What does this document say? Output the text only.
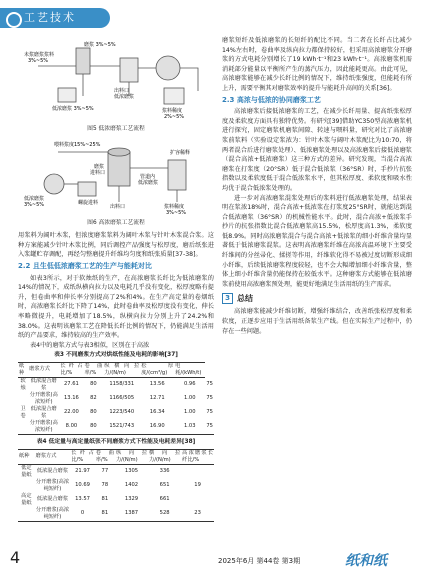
工艺技术
未浆磨浆浆料
3%~5%
磨浆 3%~5%
出料口
低浓磨浆
浆料稀度
2%~5%
低浓磨浆 3%~5%
图5 低浓磨浆工艺流程
喂料浆度15%~25%
扩容稀释
低浓磨浆
3%~5%
磨浆
进料口
出料口
管道内
低浓磨浆
浆料稀度
3%~5%
螺旋进料
图6 高浓磨浆工艺流程

用浆料为阔叶木浆，但浓度磨浆浆料为阔叶木浆与针叶木浆混合浆。这种方案能减少针叶木浆比例，同后调控产品强度与松厚度，磨后纸张进入浆罐贮存调配，再经匀整磨提升纤维均匀度和纸张质量[37-38]。

2.2 且生低低浓磨浆工艺的生产与能耗对比

如表3所示，对于软烛纸的生产，在高浓磨浆长纤比为低浓磨浆的14%的情况下，成纸纵横向拉力以及电耗几乎没有变化，松厚度略有提升，但卷曲率和伸长率分别提高了2%和4%。在生产高定量的卷烟纸时，高浓磨浆长纤比下降了14%，此时卷曲率及松厚度没有变化，伸长率略微提升，电耗增加了18.5%，纵横向拉力分别上升了24.2%和38.0%。这表明该磨浆工艺在降低长纤比例的情况下，仍能满足生活用纸的产品要求，维持较高的生产效率。

表4中的磨浆方式与表3相似，区别在于高浓

表3 不同磨浆方式对烘纸性能及电耗的影响[37]
纸种	磨浆方式	长纤占比/%	卷曲率/%	纵横向拉力/(N/m)	松厚度/(cm³/g)	电耗/(kWh/t)	
软烛	低浓混合磨浆	27.61	80	1158/331	13.56	0.96	75
	分开磨浆(高浓短纤)	13.16	82	1166/505	12.71	1.00	75
卫卷	低浓混合磨浆	22.00	80	1223/540	16.34	1.00	75
	分开磨浆(高浓短纤)	8.00	80	1521/743	16.90	1.03	75
表4 低定量与高定量纸张不同磨浆方式下性能及电耗差异[38]
纸种	磨浆方式	长纤占比/%	卷曲率/%	纵向拉力/(N/m)	横向拉力/(N/m)	高浓磨浆长纤比/%
低定量纸	低浓混合磨浆	21.97	77	1305	336	
	分开磨浆(高浓纯短纤)	10.69	78	1402	651	19
高定量纸	低浓混合磨浆	13.57	81	1329	661	
	分开磨浆(高浓纯短纤)	0	81	1387	528	23

磨浆短纤及低浓磨浆的长短纤的配比不同。当二者在长纤占比减少14%左右时，卷曲率及纵向拉力都保持较好，但采用高浓磨浆分开磨浆的方式电耗分别增长了19 kWh·t⁻¹和23 kWh·t⁻¹。高浓磨浆机需消耗部分能量以平衡所产生的蒸汽压力，因此能耗更高。由此可见，高浓磨浆能够在减少长纤比例的情况下，维持纸张强度，但能耗有所上升，需要平衡其对磨浆效率的提升与能耗升高间的关系[36]。

2.3 高浓与低浓的协同磨浆工艺

高浓磨浆后接低浓磨浆的工艺，在减少长纤用量、提高纸张松厚度及柔软度方面具有独特优势。有研究[39]借助YC350型高浓磨浆机进行探究，固定磨浆机磨浆间隙、转速与喂料量，研究对比了高浓磨浆前浆料（实验设定浆浓为：针叶木浆与阔叶木浆配比为10:70，将两者混合后进行磨浆处理）、低浓磨浆处理以及高浓磨浆后接低浓磨浆（混合高浓+低浓磨浆）这三种方式的差异。研究发现，当混合高浓磨浆在打浆度（20°SR）低于混合低浓浆（36°SR）时，手抄片抗张指数以及柔软度低于混合低浓浆水平，但其松厚度、柔软度和吸水性均优于混合低浓浆处理的。

进一步对高浓磨浆混浆处理后的浆料进行低浓磨浆处理，结果表明在浆浓18%时，混合高浓+低浓浆在打浆度25°SR时，就能达到混合低浓磨浆（36°SR）的机械性能水平。此时，混合高浓+低浓浆手抄片的抗张指数比混合低浓磨浆高15.5%，松厚度高1.3%，柔软度低8.9%。同时高浓磨浆混合与混合高浓+低浓浆的细小纤维含量均显著低于低浓磨浆混浆。这表明高浓磨浆纤维在高浓高温环境下主要受纤维间的分丝帚化、揉搓等作用，纤维软化得不易被过度切断形成细小纤维，后续低浓磨浆程度较轻，也不会大幅增加细小纤维含量，整体上细小纤维含量仍能保持在较低水平。这种磨浆方式能够在低浓磨浆前使用高浓磨浆预处理，能更好地满足生活用纸的生产需求。

3 总结

高浓磨浆能减少纤维切断，增强纤维结合，改善纸张松厚度和柔软度，正逐步应用于生活用纸备浆生产线。但在实际生产过程中，仍存在一些问题。

4	2025年6月 第44卷 第3期	纸和纸
